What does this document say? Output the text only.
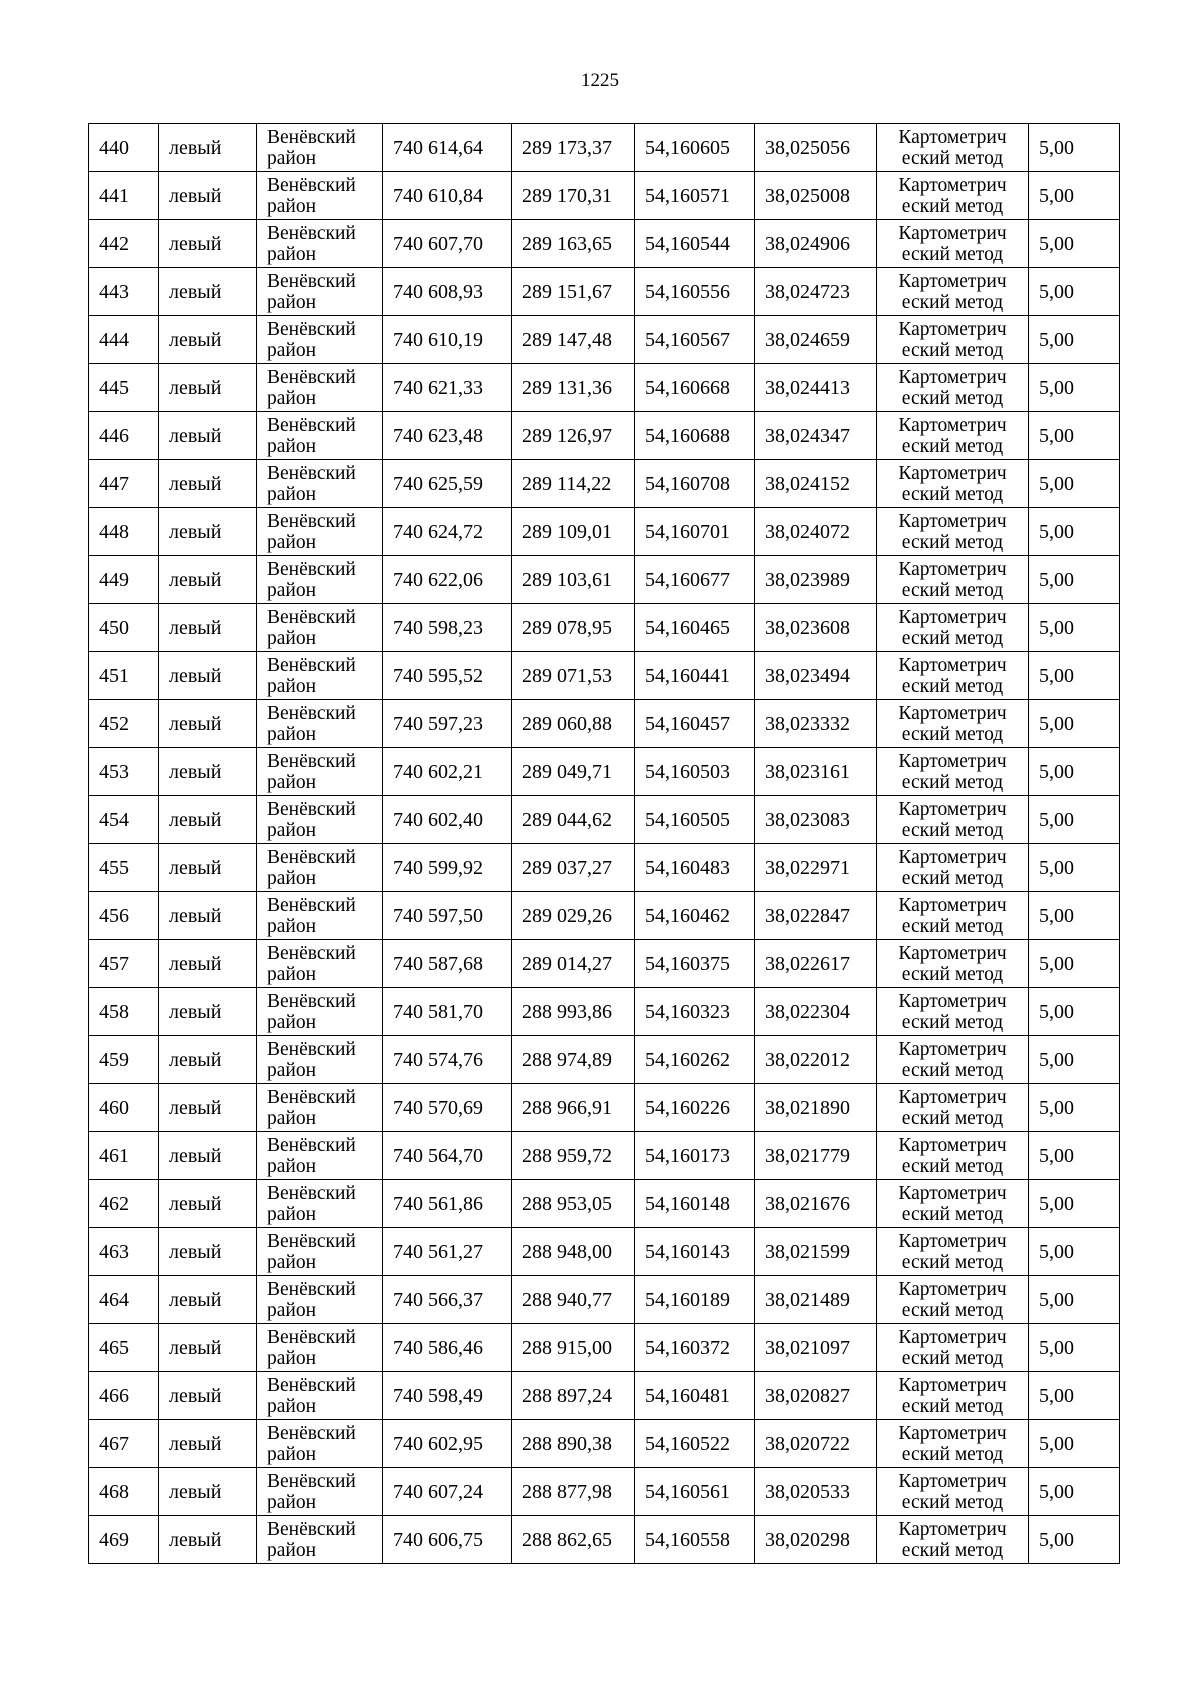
1225
440	левый	Венёвский район	740 614,64	289 173,37	54,160605	38,025056	Картометрич еский метод	5,00
441	левый	Венёвский район	740 610,84	289 170,31	54,160571	38,025008	Картометрич еский метод	5,00
442	левый	Венёвский район	740 607,70	289 163,65	54,160544	38,024906	Картометрич еский метод	5,00
443	левый	Венёвский район	740 608,93	289 151,67	54,160556	38,024723	Картометрич еский метод	5,00
444	левый	Венёвский район	740 610,19	289 147,48	54,160567	38,024659	Картометрич еский метод	5,00
445	левый	Венёвский район	740 621,33	289 131,36	54,160668	38,024413	Картометрич еский метод	5,00
446	левый	Венёвский район	740 623,48	289 126,97	54,160688	38,024347	Картометрич еский метод	5,00
447	левый	Венёвский район	740 625,59	289 114,22	54,160708	38,024152	Картометрич еский метод	5,00
448	левый	Венёвский район	740 624,72	289 109,01	54,160701	38,024072	Картометрич еский метод	5,00
449	левый	Венёвский район	740 622,06	289 103,61	54,160677	38,023989	Картометрич еский метод	5,00
450	левый	Венёвский район	740 598,23	289 078,95	54,160465	38,023608	Картометрич еский метод	5,00
451	левый	Венёвский район	740 595,52	289 071,53	54,160441	38,023494	Картометрич еский метод	5,00
452	левый	Венёвский район	740 597,23	289 060,88	54,160457	38,023332	Картометрич еский метод	5,00
453	левый	Венёвский район	740 602,21	289 049,71	54,160503	38,023161	Картометрич еский метод	5,00
454	левый	Венёвский район	740 602,40	289 044,62	54,160505	38,023083	Картометрич еский метод	5,00
455	левый	Венёвский район	740 599,92	289 037,27	54,160483	38,022971	Картометрич еский метод	5,00
456	левый	Венёвский район	740 597,50	289 029,26	54,160462	38,022847	Картометрич еский метод	5,00
457	левый	Венёвский район	740 587,68	289 014,27	54,160375	38,022617	Картометрич еский метод	5,00
458	левый	Венёвский район	740 581,70	288 993,86	54,160323	38,022304	Картометрич еский метод	5,00
459	левый	Венёвский район	740 574,76	288 974,89	54,160262	38,022012	Картометрич еский метод	5,00
460	левый	Венёвский район	740 570,69	288 966,91	54,160226	38,021890	Картометрич еский метод	5,00
461	левый	Венёвский район	740 564,70	288 959,72	54,160173	38,021779	Картометрич еский метод	5,00
462	левый	Венёвский район	740 561,86	288 953,05	54,160148	38,021676	Картометрич еский метод	5,00
463	левый	Венёвский район	740 561,27	288 948,00	54,160143	38,021599	Картометрич еский метод	5,00
464	левый	Венёвский район	740 566,37	288 940,77	54,160189	38,021489	Картометрич еский метод	5,00
465	левый	Венёвский район	740 586,46	288 915,00	54,160372	38,021097	Картометрич еский метод	5,00
466	левый	Венёвский район	740 598,49	288 897,24	54,160481	38,020827	Картометрич еский метод	5,00
467	левый	Венёвский район	740 602,95	288 890,38	54,160522	38,020722	Картометрич еский метод	5,00
468	левый	Венёвский район	740 607,24	288 877,98	54,160561	38,020533	Картометрич еский метод	5,00
469	левый	Венёвский район	740 606,75	288 862,65	54,160558	38,020298	Картометрич еский метод	5,00
